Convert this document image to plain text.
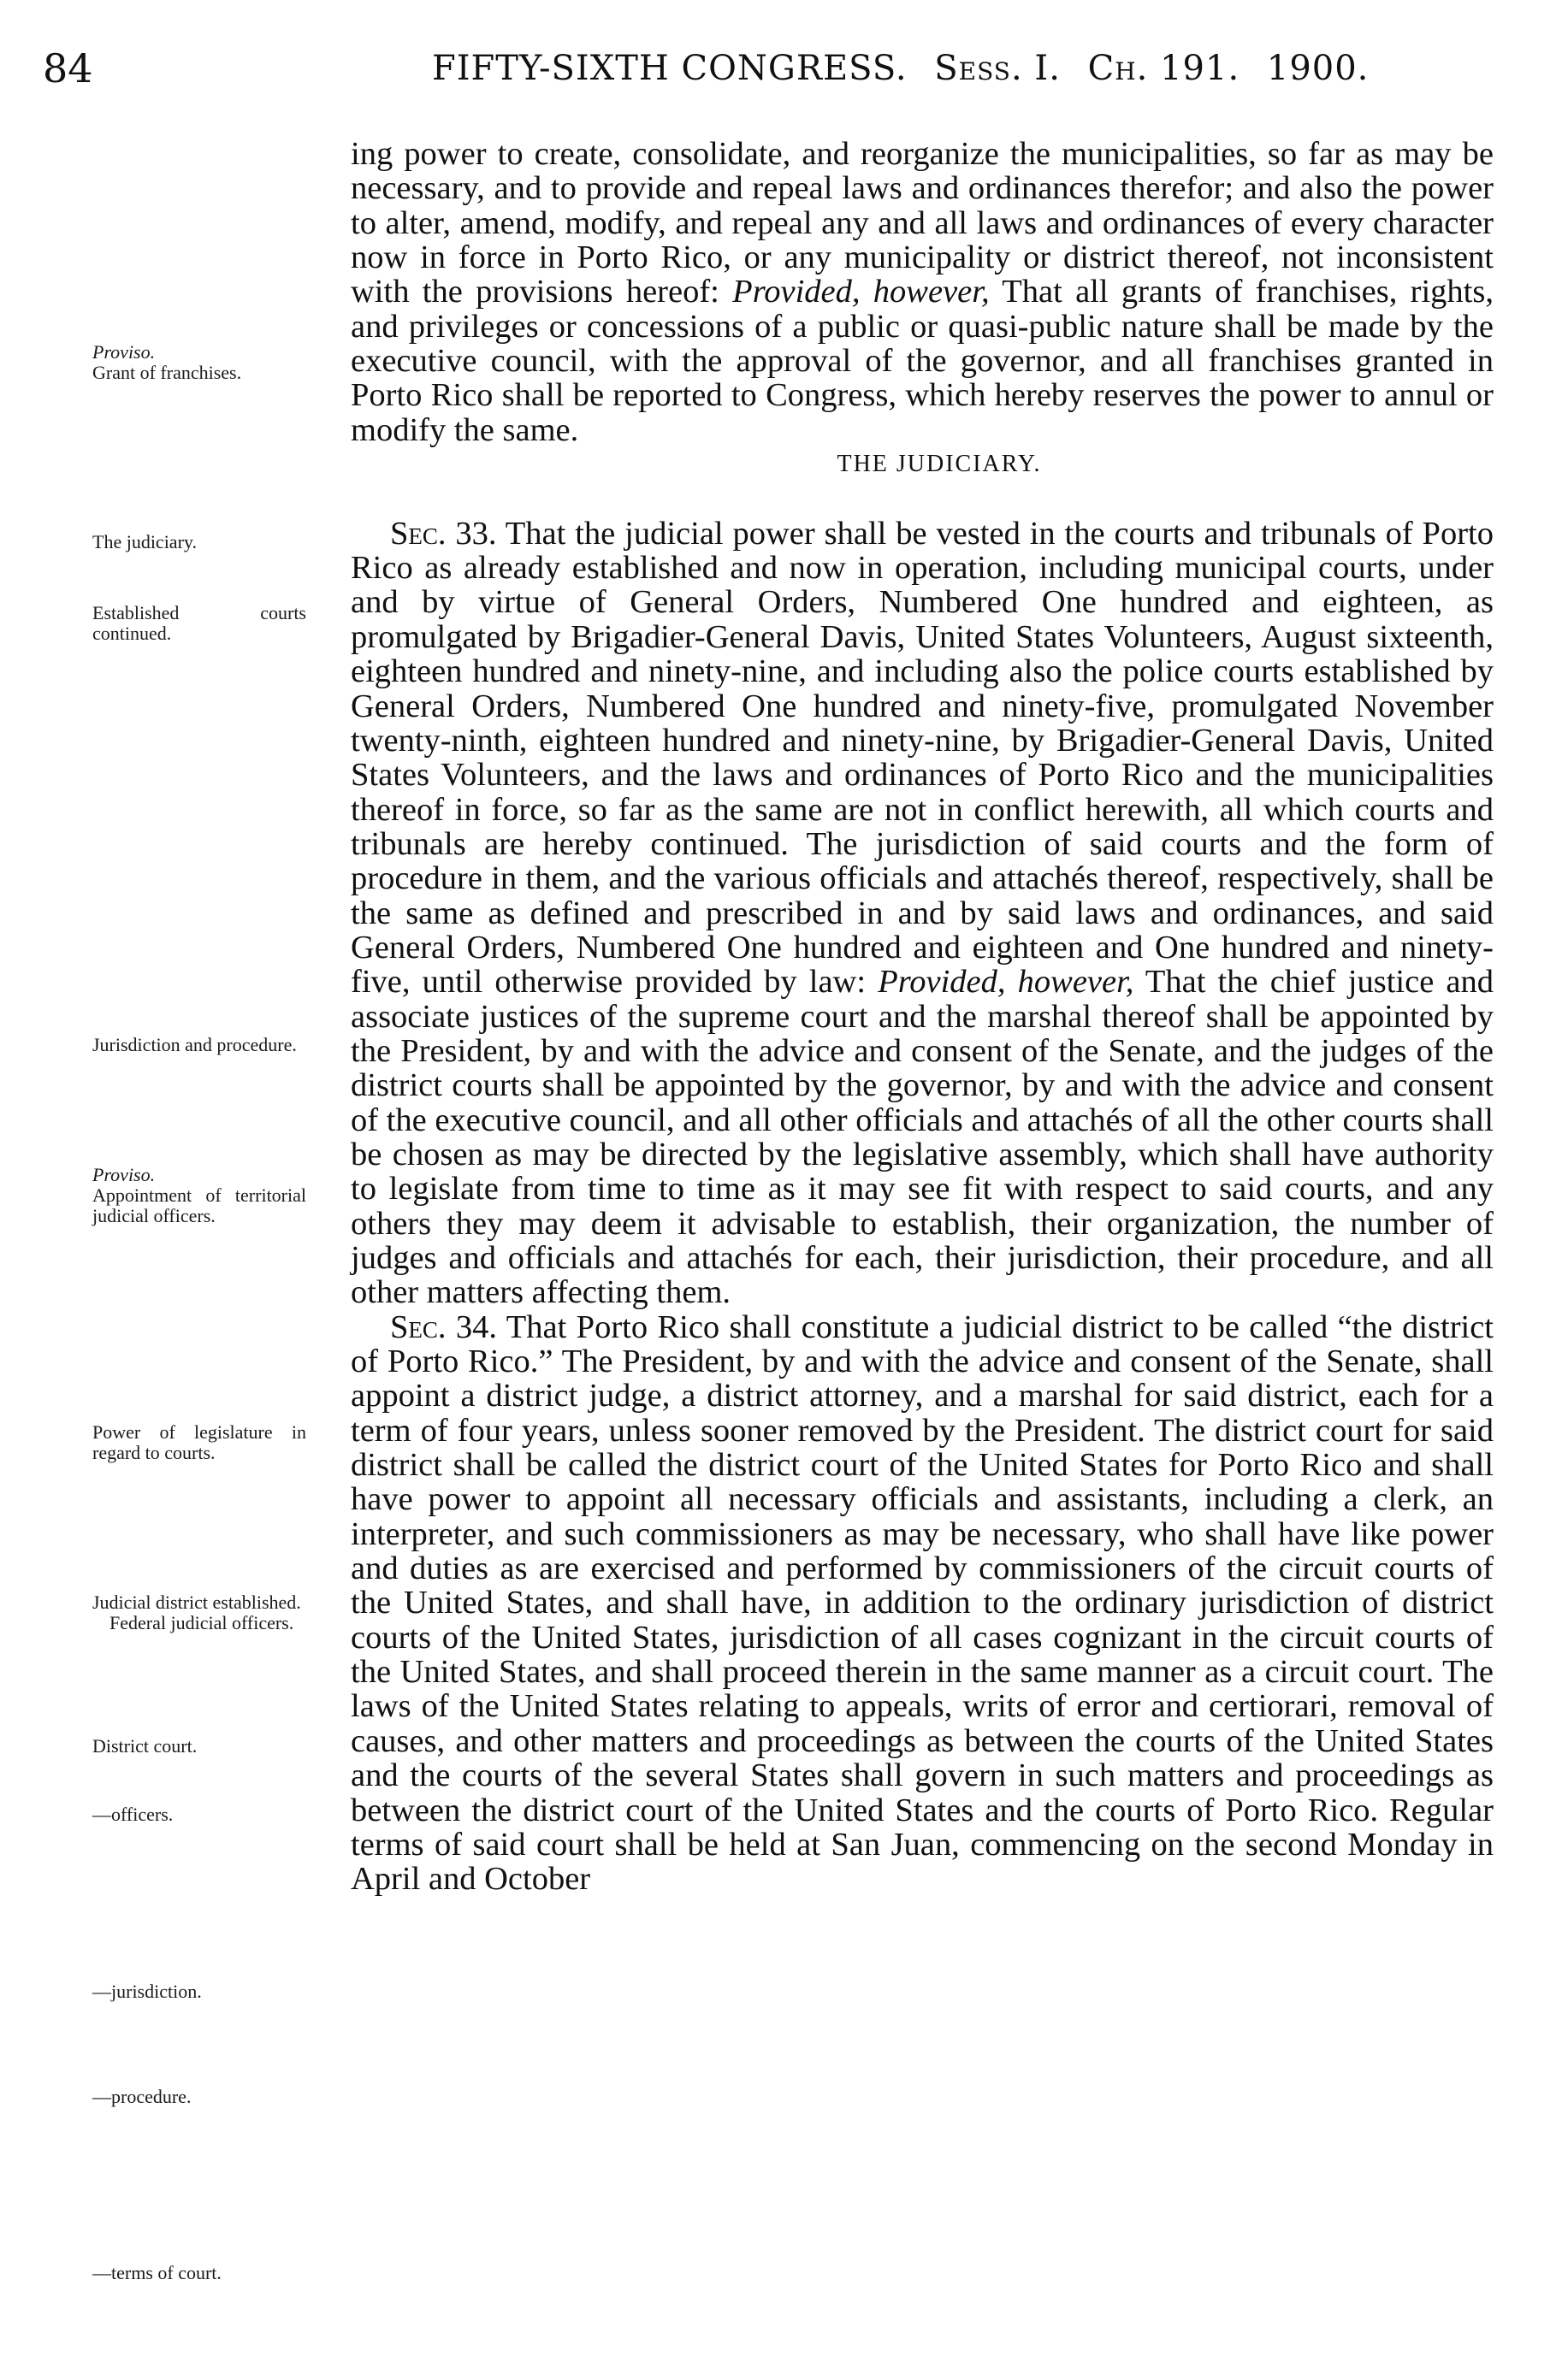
84	FIFTY-SIXTH CONGRESS. Sess. I. Ch. 191. 1900.

ing power to create, consolidate, and reorganize the municipalities, so far as may be necessary, and to provide and repeal laws and ordinances therefor; and also the power to alter, amend, modify, and repeal any and all laws and ordinances of every character now in force in Porto Rico, or any municipality or district thereof, not inconsistent with the provisions hereof: Provided, however, That all grants of franchises, rights, and privileges or concessions of a public or quasi-public nature shall be made by the executive council, with the approval of the governor, and all franchises granted in Porto Rico shall be reported to Congress, which hereby reserves the power to annul or modify the same.

THE JUDICIARY.

Sec. 33. That the judicial power shall be vested in the courts and tribunals of Porto Rico as already established and now in operation, including municipal courts, under and by virtue of General Orders, Numbered One hundred and eighteen, as promulgated by Brigadier-General Davis, United States Volunteers, August sixteenth, eighteen hundred and ninety-nine, and including also the police courts established by General Orders, Numbered One hundred and ninety-five, promulgated November twenty-ninth, eighteen hundred and ninety-nine, by Brigadier-General Davis, United States Volunteers, and the laws and ordinances of Porto Rico and the municipalities thereof in force, so far as the same are not in conflict herewith, all which courts and tribunals are hereby continued. The jurisdiction of said courts and the form of procedure in them, and the various officials and attachés thereof, respectively, shall be the same as defined and prescribed in and by said laws and ordinances, and said General Orders, Numbered One hundred and eighteen and One hundred and ninety-five, until otherwise provided by law: Provided, however, That the chief justice and associate justices of the supreme court and the marshal thereof shall be appointed by the President, by and with the advice and consent of the Senate, and the judges of the district courts shall be appointed by the governor, by and with the advice and consent of the executive council, and all other officials and attachés of all the other courts shall be chosen as may be directed by the legislative assembly, which shall have authority to legislate from time to time as it may see fit with respect to said courts, and any others they may deem it advisable to establish, their organization, the number of judges and officials and attachés for each, their jurisdiction, their procedure, and all other matters affecting them.

Sec. 34. That Porto Rico shall constitute a judicial district to be called “the district of Porto Rico.” The President, by and with the advice and consent of the Senate, shall appoint a district judge, a district attorney, and a marshal for said district, each for a term of four years, unless sooner removed by the President. The district court for said district shall be called the district court of the United States for Porto Rico and shall have power to appoint all necessary officials and assistants, including a clerk, an interpreter, and such commissioners as may be necessary, who shall have like power and duties as are exercised and performed by commissioners of the circuit courts of the United States, and shall have, in addition to the ordinary jurisdiction of district courts of the United States, jurisdiction of all cases cognizant in the circuit courts of the United States, and shall proceed therein in the same manner as a circuit court. The laws of the United States relating to appeals, writs of error and certiorari, removal of causes, and other matters and proceedings as between the courts of the United States and the courts of the several States shall govern in such matters and proceedings as between the district court of the United States and the courts of Porto Rico. Regular terms of said court shall be held at San Juan, commencing on the second Monday in April and October

Proviso.
Grant of franchises.
The judiciary.
Established courts continued.
Jurisdiction and procedure.
Proviso.
Appointment of territorial judicial officers.
Power of legislature in regard to courts.
Judicial district established.
Federal judicial officers.
District court.
—officers.
—jurisdiction.
—procedure.
—terms of court.
